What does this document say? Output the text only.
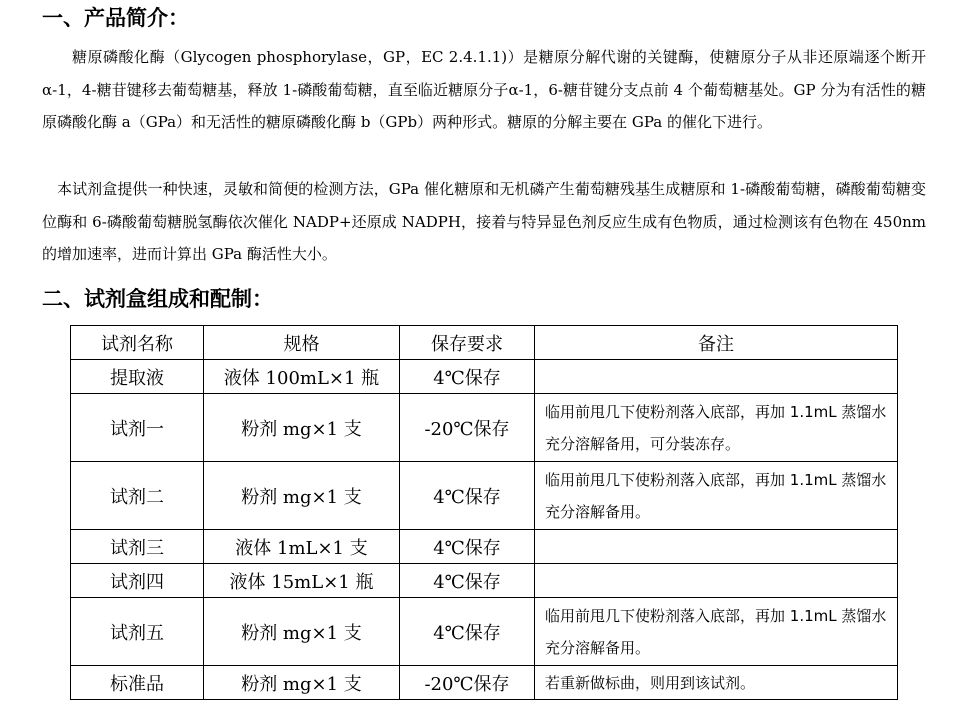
一、产品简介：

糖原磷酸化酶（Glycogen phosphorylase，GP，EC 2.4.1.1)）是糖原分解代谢的关键酶，使糖原分子从非还原端逐个断开α-1，4-糖苷键移去葡萄糖基，释放 1-磷酸葡萄糖，直至临近糖原分子α-1，6-糖苷键分支点前 4 个葡萄糖基处。GP 分为有活性的糖原磷酸化酶 a（GPa）和无活性的糖原磷酸化酶 b（GPb）两种形式。糖原的分解主要在 GPa 的催化下进行。

本试剂盒提供一种快速，灵敏和简便的检测方法，GPa 催化糖原和无机磷产生葡萄糖残基生成糖原和 1-磷酸葡萄糖，磷酸葡萄糖变位酶和 6-磷酸葡萄糖脱氢酶依次催化 NADP+还原成 NADPH，接着与特异显色剂反应生成有色物质，通过检测该有色物在 450nm 的增加速率，进而计算出 GPa 酶活性大小。

二、试剂盒组成和配制：
试剂名称	规格	保存要求	备注
提取液	液体 100mL×1 瓶	4℃保存	
试剂一	粉剂 mg×1 支	-20℃保存	临用前甩几下使粉剂落入底部，再加 1.1mL 蒸馏水充分溶解备用，可分装冻存。
试剂二	粉剂 mg×1 支	4℃保存	临用前甩几下使粉剂落入底部，再加 1.1mL 蒸馏水充分溶解备用。
试剂三	液体 1mL×1 支	4℃保存	
试剂四	液体 15mL×1 瓶	4℃保存	
试剂五	粉剂 mg×1 支	4℃保存	临用前甩几下使粉剂落入底部，再加 1.1mL 蒸馏水充分溶解备用。
标准品	粉剂 mg×1 支	-20℃保存	若重新做标曲，则用到该试剂。
